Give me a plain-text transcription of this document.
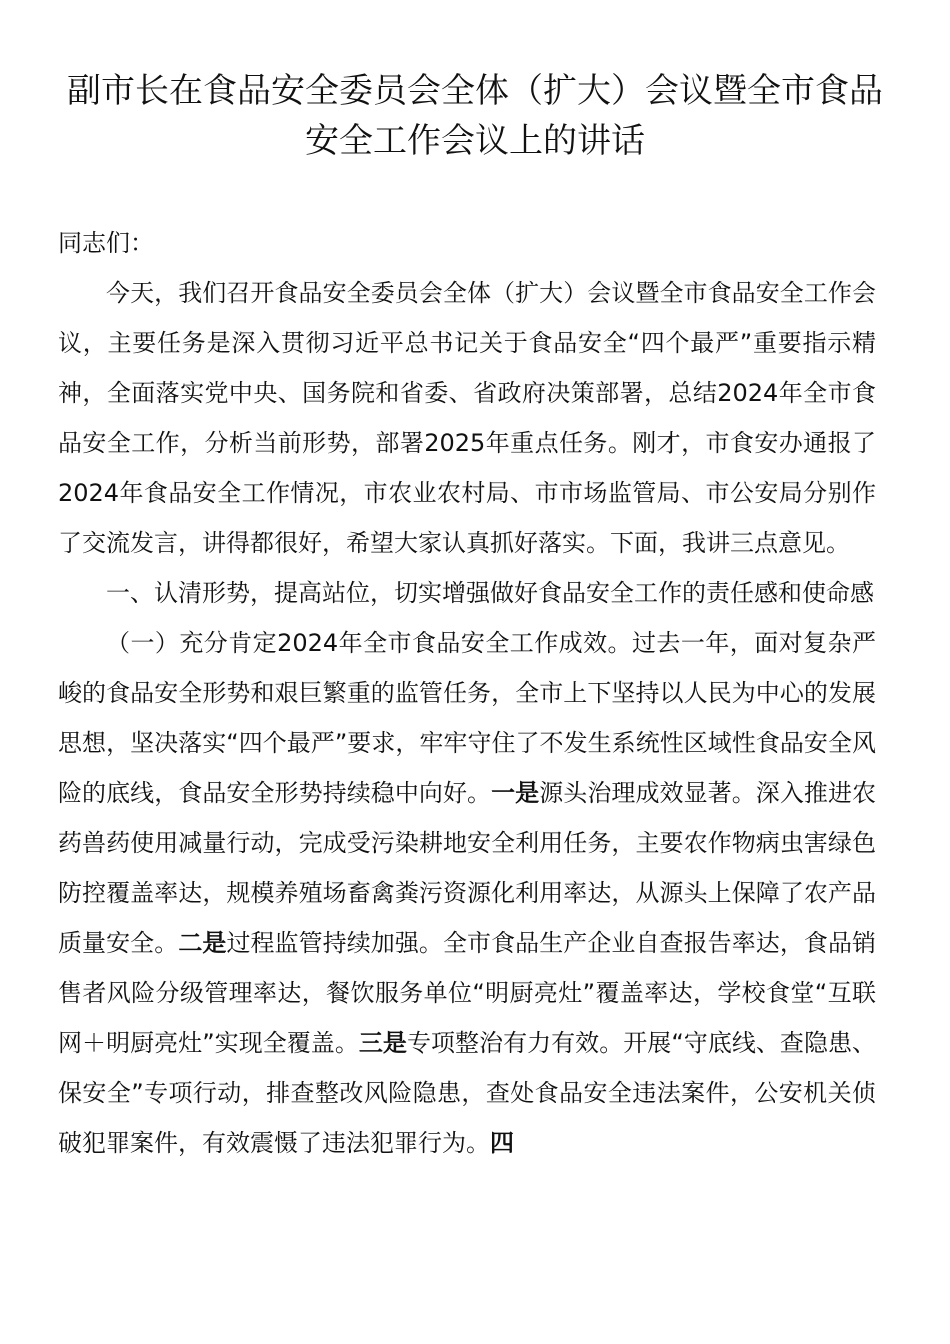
副市长在食品安全委员会全体（扩大）会议暨全市食品安全工作会议上的讲话

同志们：

今天，我们召开食品安全委员会全体（扩大）会议暨全市食品安全工作会议，主要任务是深入贯彻习近平总书记关于食品安全“四个最严”重要指示精神，全面落实党中央、国务院和省委、省政府决策部署，总结2024年全市食品安全工作，分析当前形势，部署2025年重点任务。刚才，市食安办通报了2024年食品安全工作情况，市农业农村局、市市场监管局、市公安局分别作了交流发言，讲得都很好，希望大家认真抓好落实。下面，我讲三点意见。

一、认清形势，提高站位，切实增强做好食品安全工作的责任感和使命感

（一）充分肯定2024年全市食品安全工作成效。过去一年，面对复杂严峻的食品安全形势和艰巨繁重的监管任务，全市上下坚持以人民为中心的发展思想，坚决落实“四个最严”要求，牢牢守住了不发生系统性区域性食品安全风险的底线，食品安全形势持续稳中向好。一是源头治理成效显著。深入推进农药兽药使用减量行动，完成受污染耕地安全利用任务，主要农作物病虫害绿色防控覆盖率达，规模养殖场畜禽粪污资源化利用率达，从源头上保障了农产品质量安全。二是过程监管持续加强。全市食品生产企业自查报告率达，食品销售者风险分级管理率达，餐饮服务单位“明厨亮灶”覆盖率达，学校食堂“互联网＋明厨亮灶”实现全覆盖。三是专项整治有力有效。开展“守底线、查隐患、保安全”专项行动，排查整改风险隐患，查处食品安全违法案件，公安机关侦破犯罪案件，有效震慑了违法犯罪行为。四
